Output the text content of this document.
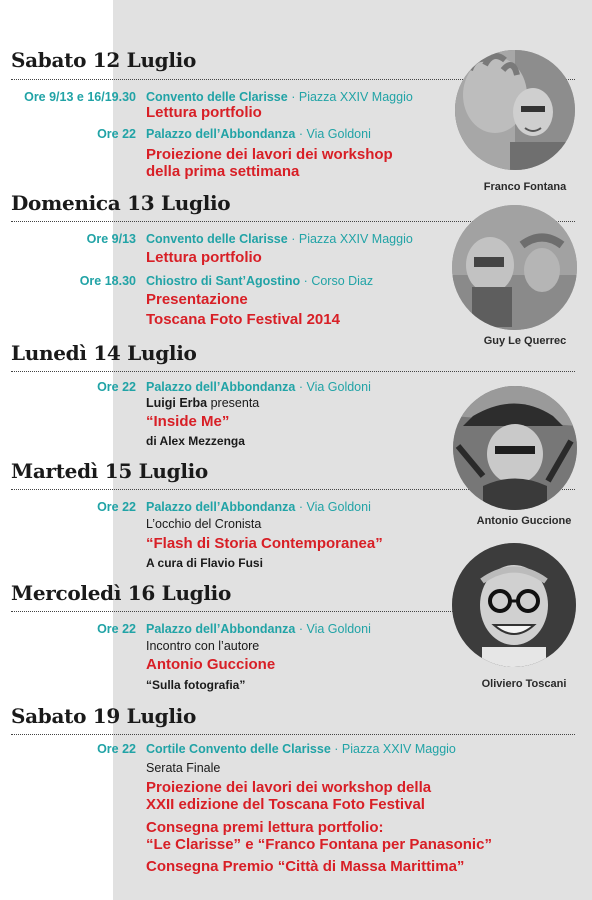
Sabato 12 Luglio
Ore 9/13 e 16/19.30 Convento delle Clarisse · Piazza XXIV Maggio
Lettura portfolio
Ore 22 Palazzo dell’Abbondanza · Via Goldoni
Proiezione dei lavori dei workshop
della prima settimana
Domenica 13 Luglio
Ore 9/13 Convento delle Clarisse · Piazza XXIV Maggio
Lettura portfolio
Ore 18.30 Chiostro di Sant’Agostino · Corso Diaz
Presentazione
Toscana Foto Festival 2014
Lunedì 14 Luglio
Ore 22 Palazzo dell’Abbondanza · Via Goldoni
Luigi Erba presenta
“Inside Me”
di Alex Mezzenga
Martedì 15 Luglio
Ore 22 Palazzo dell’Abbondanza · Via Goldoni
L’occhio del Cronista
“Flash di Storia Contemporanea”
A cura di Flavio Fusi
Mercoledì 16 Luglio
Ore 22 Palazzo dell’Abbondanza · Via Goldoni
Incontro con l’autore
Antonio Guccione
“Sulla fotografia”
Sabato 19 Luglio
Ore 22 Cortile Convento delle Clarisse · Piazza XXIV Maggio
Serata Finale
Proiezione dei lavori dei workshop della
XXII edizione del Toscana Foto Festival
Consegna premi lettura portfolio:
“Le Clarisse” e “Franco Fontana per Panasonic”
Consegna Premio “Città di Massa Marittima”
Franco Fontana
Guy Le Querrec
Antonio Guccione
Oliviero Toscani
